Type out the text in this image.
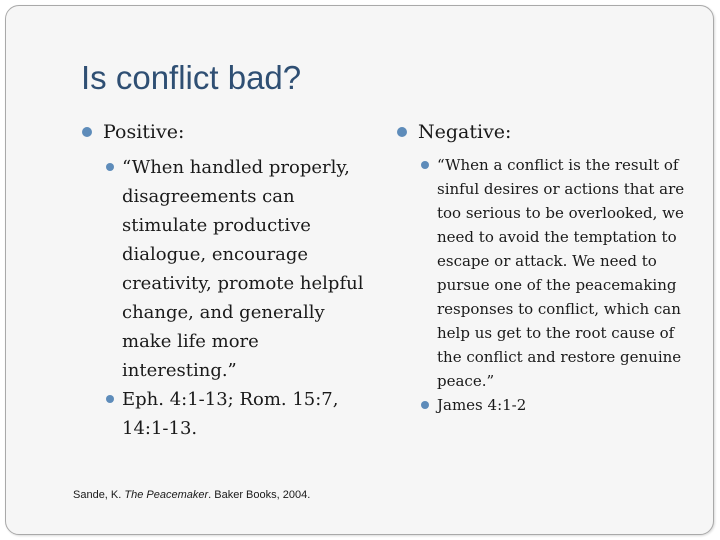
Is conflict bad?
Positive:
“When handled properly, disagreements can stimulate productive dialogue, encourage creativity, promote helpful change, and generally make life more interesting.”
Eph. 4:1-13; Rom. 15:7, 14:1-13.
Negative:
“When a conflict is the result of sinful desires or actions that are too serious to be overlooked, we need to avoid the temptation to escape or attack. We need to pursue one of the peacemaking responses to conflict, which can help us get to the root cause of the conflict and restore genuine peace.”
James 4:1-2
Sande, K. The Peacemaker. Baker Books, 2004.
